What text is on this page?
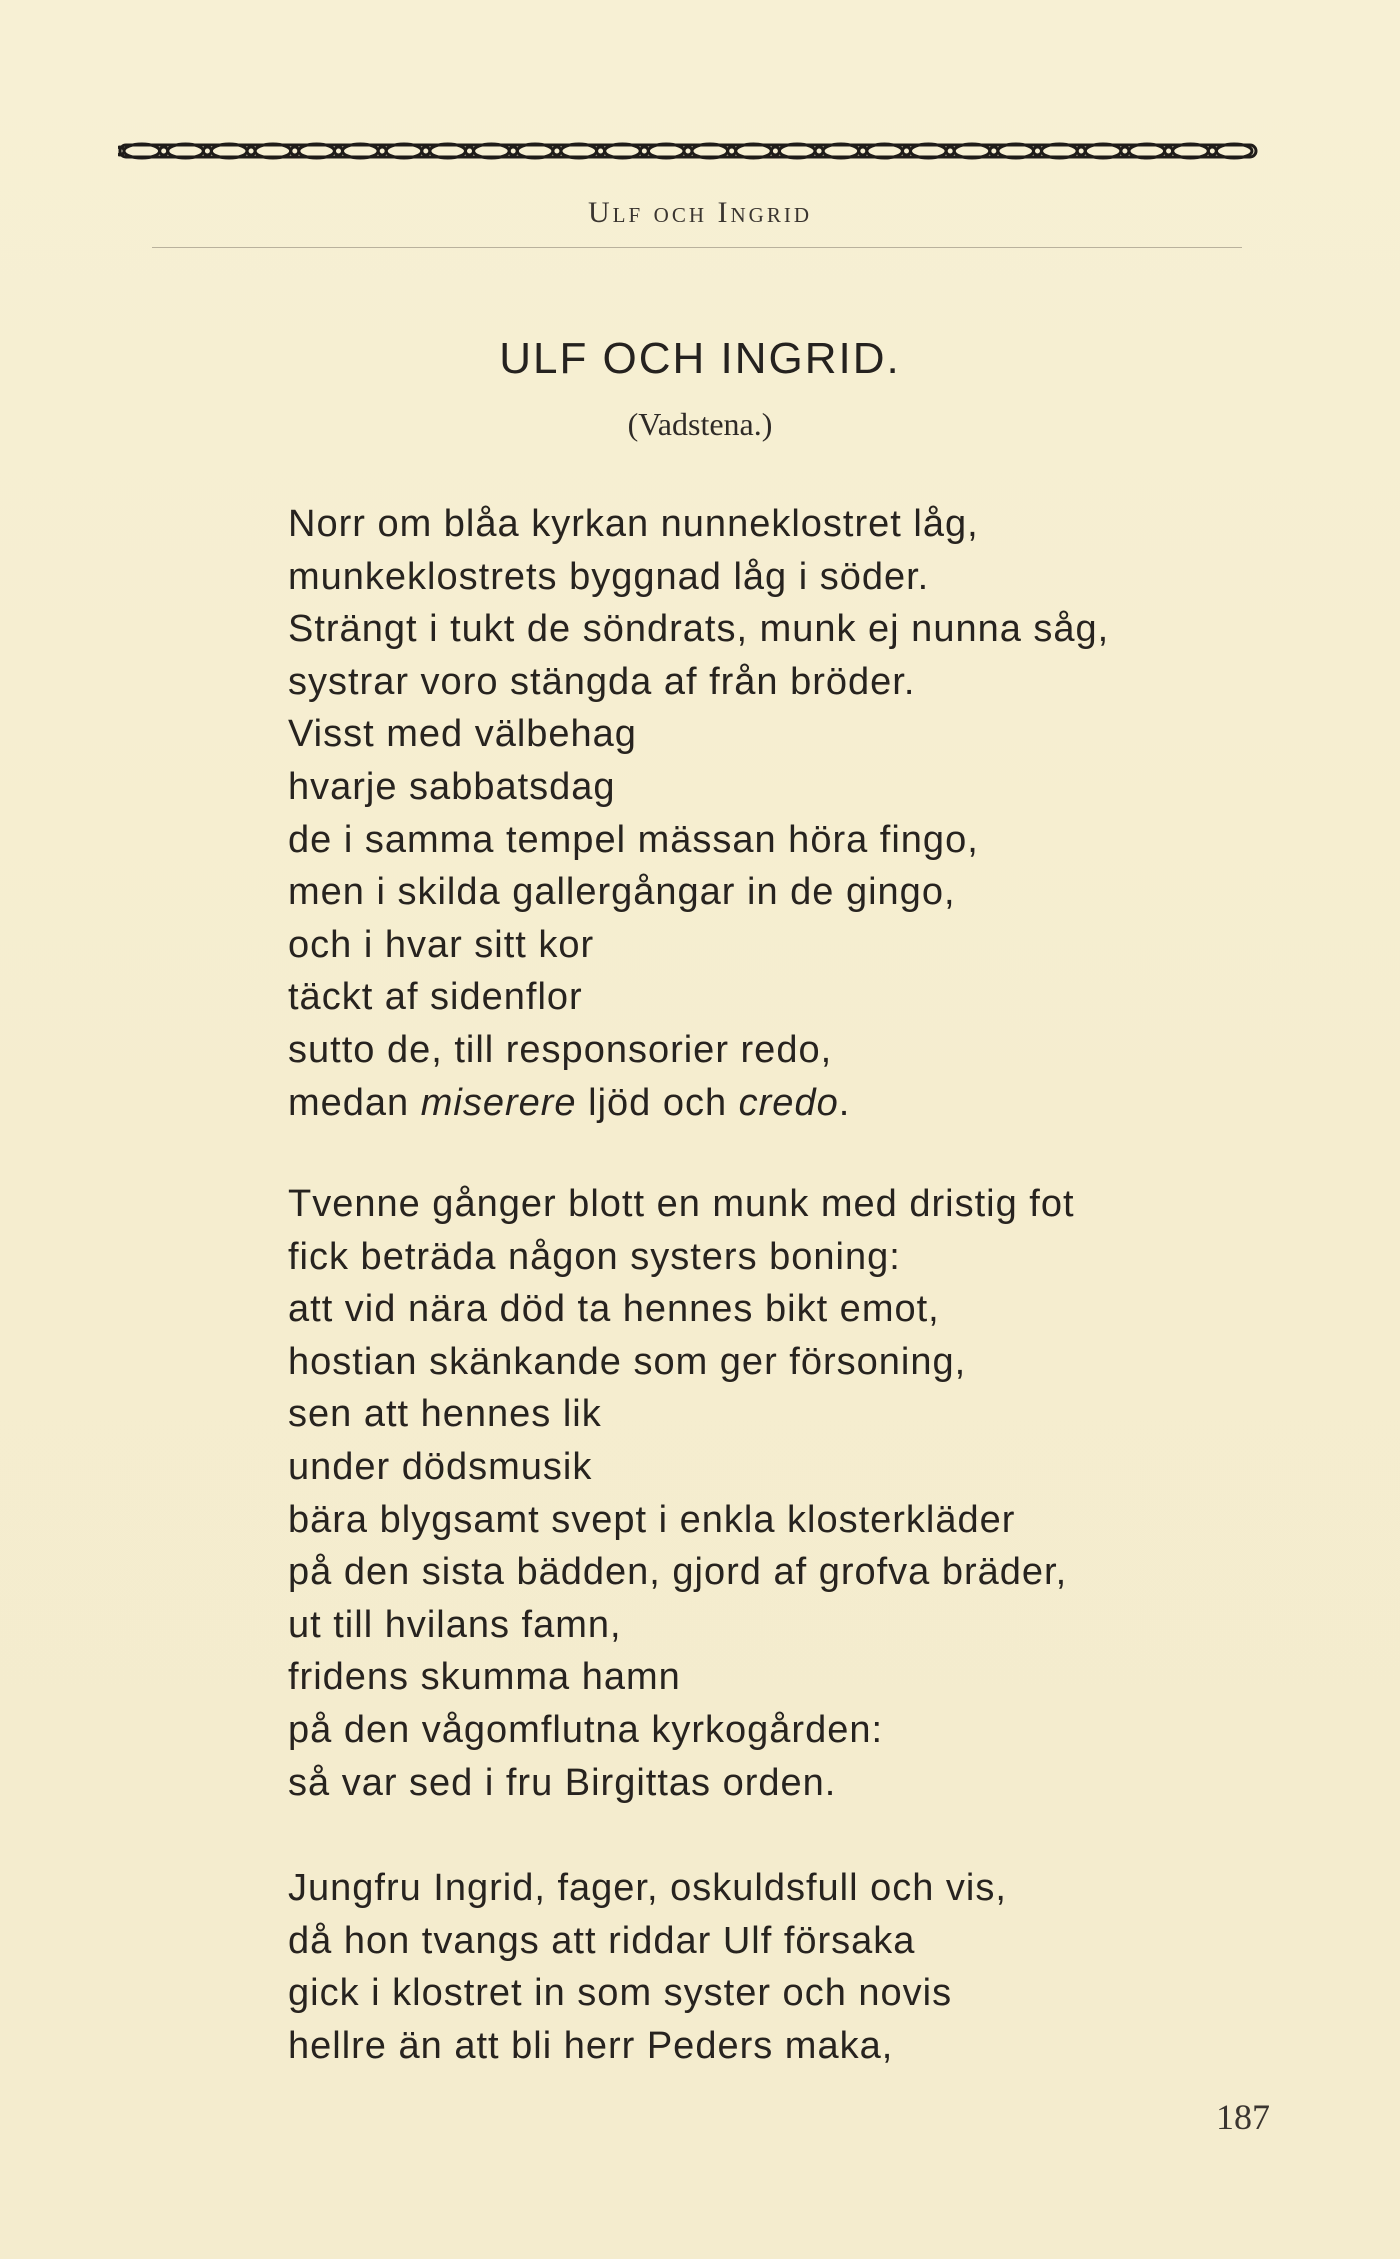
Ulf och Ingrid
ULF OCH INGRID.
(Vadstena.)
Norr om blåa kyrkan nunneklostret låg,
munkeklostrets byggnad låg i söder.
Strängt i tukt de söndrats, munk ej nunna såg,
systrar voro stängda af från bröder.
Visst med välbehag
hvarje sabbatsdag
de i samma tempel mässan höra fingo,
men i skilda gallergångar in de gingo,
och i hvar sitt kor
täckt af sidenflor
sutto de, till responsorier redo,
medan miserere ljöd och credo.
Tvenne gånger blott en munk med dristig fot
fick beträda någon systers boning:
att vid nära död ta hennes bikt emot,
hostian skänkande som ger försoning,
sen att hennes lik
under dödsmusik
bära blygsamt svept i enkla klosterkläder
på den sista bädden, gjord af grofva bräder,
ut till hvilans famn,
fridens skumma hamn
på den vågomflutna kyrkogården:
så var sed i fru Birgittas orden.
Jungfru Ingrid, fager, oskuldsfull och vis,
då hon tvangs att riddar Ulf försaka
gick i klostret in som syster och novis
hellre än att bli herr Peders maka,
187
